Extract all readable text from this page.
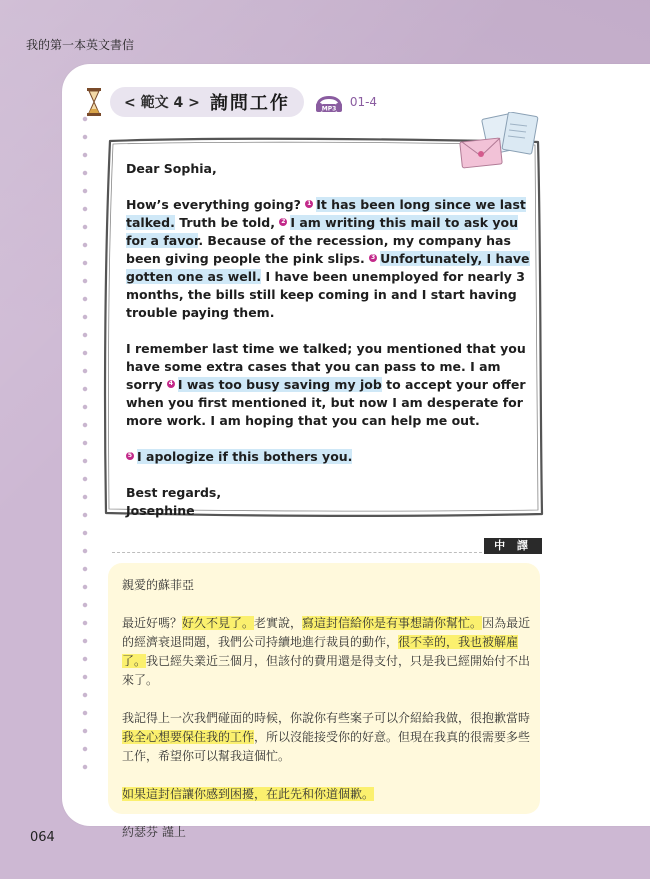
我的第一本英文書信
< 範文 4 > 詢問工作	MP3 01-4

Dear Sophia,

How’s everything going? 1 It has been long since we last talked. Truth be told, 2 I am writing this mail to ask you for a favor. Because of the recession, my company has been giving people the pink slips. 3 Unfortunately, I have gotten one as well. I have been unemployed for nearly 3 months, the bills still keep coming in and I start having trouble paying them.

I remember last time we talked; you mentioned that you have some extra cases that you can pass to me. I am sorry 4 I was too busy saving my job to accept your offer when you first mentioned it, but now I am desperate for more work. I am hoping that you can help me out.

5 I apologize if this bothers you.

Best regards,
Josephine
中 譯

親愛的蘇菲亞

最近好嗎？好久不見了。老實說，寫這封信給你是有事想請你幫忙。因為最近的經濟衰退問題，我們公司持續地進行裁員的動作，很不幸的，我也被解雇了。我已經失業近三個月，但該付的費用還是得支付，只是我已經開始付不出來了。

我記得上一次我們碰面的時候，你說你有些案子可以介紹給我做，很抱歉當時我全心想要保住我的工作，所以沒能接受你的好意。但現在我真的很需要多些工作，希望你可以幫我這個忙。

如果這封信讓你感到困擾，在此先和你道個歉。

約瑟芬 謹上
064
